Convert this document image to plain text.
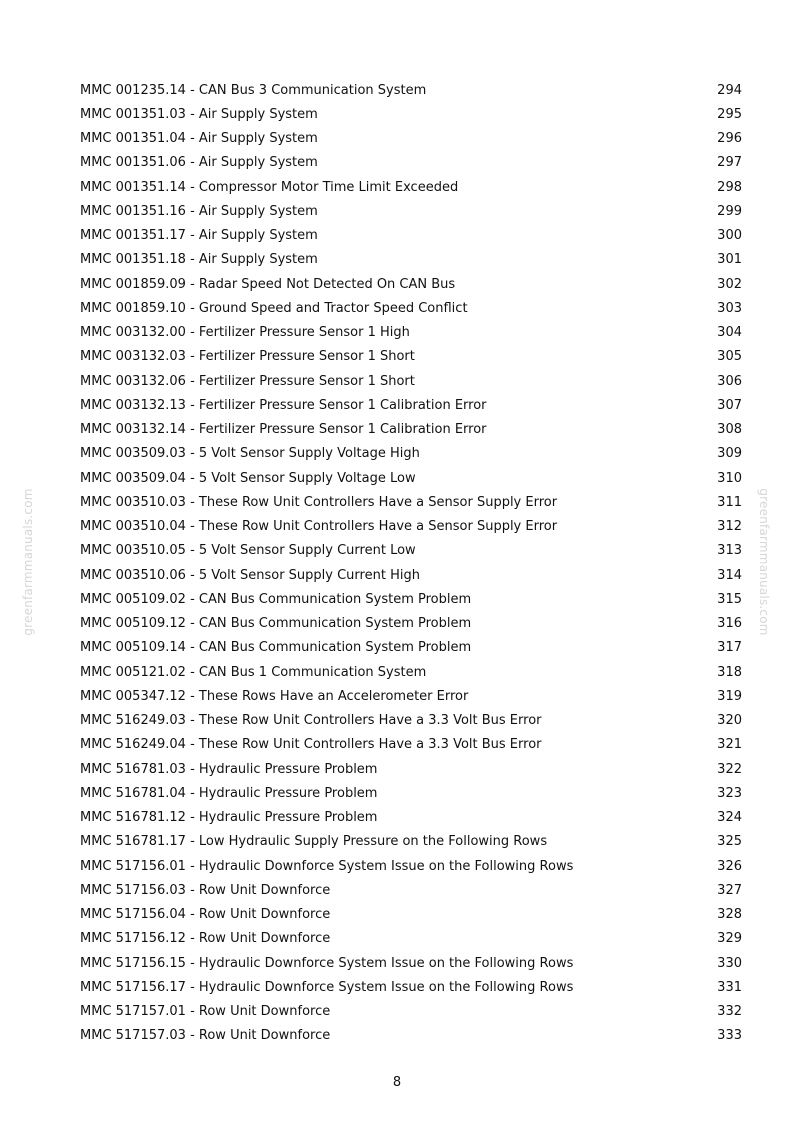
MMC 001235.14 - CAN Bus 3 Communication System	294
MMC 001351.03 - Air Supply System	295
MMC 001351.04 - Air Supply System	296
MMC 001351.06 - Air Supply System	297
MMC 001351.14 - Compressor Motor Time Limit Exceeded	298
MMC 001351.16 - Air Supply System	299
MMC 001351.17 - Air Supply System	300
MMC 001351.18 - Air Supply System	301
MMC 001859.09 - Radar Speed Not Detected On CAN Bus	302
MMC 001859.10 - Ground Speed and Tractor Speed Conflict	303
MMC 003132.00 - Fertilizer Pressure Sensor 1 High	304
MMC 003132.03 - Fertilizer Pressure Sensor 1 Short	305
MMC 003132.06 - Fertilizer Pressure Sensor 1 Short	306
MMC 003132.13 - Fertilizer Pressure Sensor 1 Calibration Error	307
MMC 003132.14 - Fertilizer Pressure Sensor 1 Calibration Error	308
MMC 003509.03 - 5 Volt Sensor Supply Voltage High	309
MMC 003509.04 - 5 Volt Sensor Supply Voltage Low	310
MMC 003510.03 - These Row Unit Controllers Have a Sensor Supply Error	311
MMC 003510.04 - These Row Unit Controllers Have a Sensor Supply Error	312
MMC 003510.05 - 5 Volt Sensor Supply Current Low	313
MMC 003510.06 - 5 Volt Sensor Supply Current High	314
MMC 005109.02 - CAN Bus Communication System Problem	315
MMC 005109.12 - CAN Bus Communication System Problem	316
MMC 005109.14 - CAN Bus Communication System Problem	317
MMC 005121.02 - CAN Bus 1 Communication System	318
MMC 005347.12 - These Rows Have an Accelerometer Error	319
MMC 516249.03 - These Row Unit Controllers Have a 3.3 Volt Bus Error	320
MMC 516249.04 - These Row Unit Controllers Have a 3.3 Volt Bus Error	321
MMC 516781.03 - Hydraulic Pressure Problem	322
MMC 516781.04 - Hydraulic Pressure Problem	323
MMC 516781.12 - Hydraulic Pressure Problem	324
MMC 516781.17 - Low Hydraulic Supply Pressure on the Following Rows	325
MMC 517156.01 - Hydraulic Downforce System Issue on the Following Rows	326
MMC 517156.03 - Row Unit Downforce	327
MMC 517156.04 - Row Unit Downforce	328
MMC 517156.12 - Row Unit Downforce	329
MMC 517156.15 - Hydraulic Downforce System Issue on the Following Rows	330
MMC 517156.17 - Hydraulic Downforce System Issue on the Following Rows	331
MMC 517157.01 - Row Unit Downforce	332
MMC 517157.03 - Row Unit Downforce	333
greenfarmmanuals.com	greenfarmmanuals.com
8
